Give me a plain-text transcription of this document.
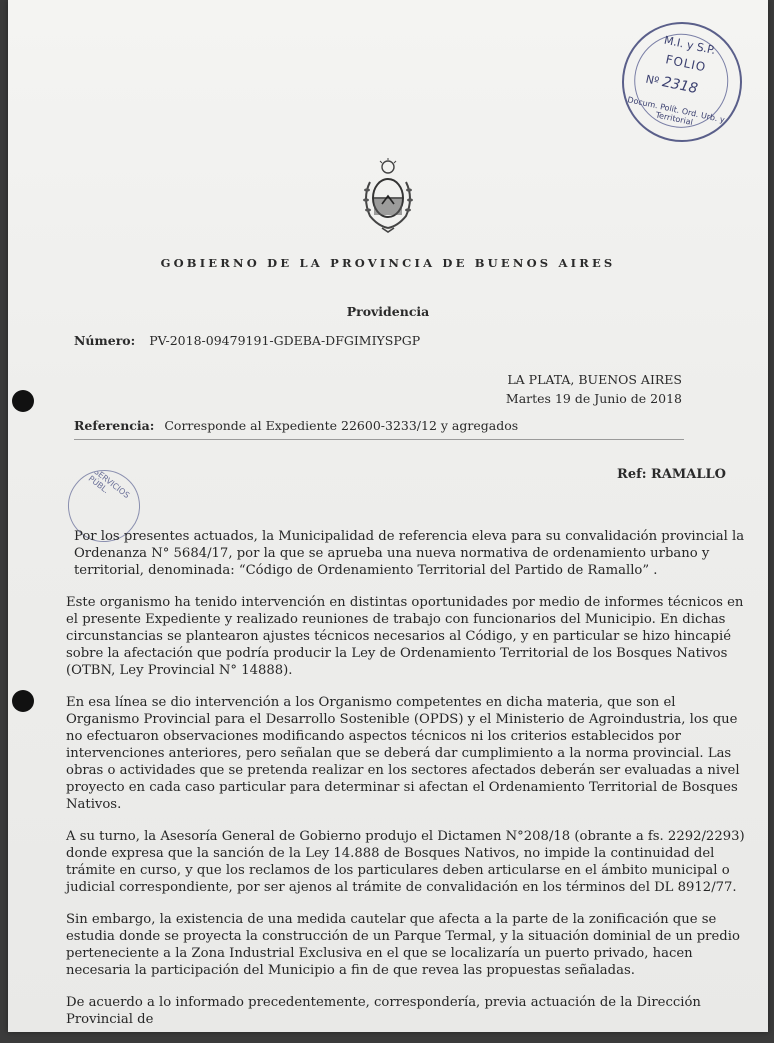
M.I. y S.P.
FOLIO
Nº 2318
Docum. Polít. Ord. Urb. y Territorial
SERVICIOS PÚBL.
GOBIERNO DE LA PROVINCIA DE BUENOS AIRES
Providencia
Número: PV-2018-09479191-GDEBA-DFGIMIYSPGP
LA PLATA, BUENOS AIRES
Martes 19 de Junio de 2018
Referencia: Corresponde al Expediente 22600-3233/12 y agregados
Ref: RAMALLO

Por los presentes actuados, la Municipalidad de referencia eleva para su convalidación provincial la Ordenanza N° 5684/17, por la que se aprueba una nueva normativa de ordenamiento urbano y territorial, denominada: “Código de Ordenamiento Territorial del Partido de Ramallo” .

Este organismo ha tenido intervención en distintas oportunidades por medio de informes técnicos en el presente Expediente y realizado reuniones de trabajo con funcionarios del Municipio. En dichas circunstancias se plantearon ajustes técnicos necesarios al Código, y en particular se hizo hincapié sobre la afectación que podría producir la Ley de Ordenamiento Territorial de los Bosques Nativos (OTBN, Ley Provincial N° 14888).

En esa línea se dio intervención a los Organismo competentes en dicha materia, que son el Organismo Provincial para el Desarrollo Sostenible (OPDS) y el Ministerio de Agroindustria, los que no efectuaron observaciones modificando aspectos técnicos ni los criterios establecidos por intervenciones anteriores, pero señalan que se deberá dar cumplimiento a la norma provincial. Las obras o actividades que se pretenda realizar en los sectores afectados deberán ser evaluadas a nivel proyecto en cada caso particular para determinar si afectan el Ordenamiento Territorial de Bosques Nativos.

A su turno, la Asesoría General de Gobierno produjo el Dictamen N°208/18 (obrante a fs. 2292/2293) donde expresa que la sanción de la Ley 14.888 de Bosques Nativos, no impide la continuidad del trámite en curso, y que los reclamos de los particulares deben articularse en el ámbito municipal o judicial correspondiente, por ser ajenos al trámite de convalidación en los términos del DL 8912/77.

Sin embargo, la existencia de una medida cautelar que afecta a la parte de la zonificación que se estudia donde se proyecta la construcción de un Parque Termal, y la situación dominial de un predio perteneciente a la Zona Industrial Exclusiva en el que se localizaría un puerto privado, hacen necesaria la participación del Municipio a fin de que revea las propuestas señaladas.

De acuerdo a lo informado precedentemente, correspondería, previa actuación de la Dirección Provincial de
